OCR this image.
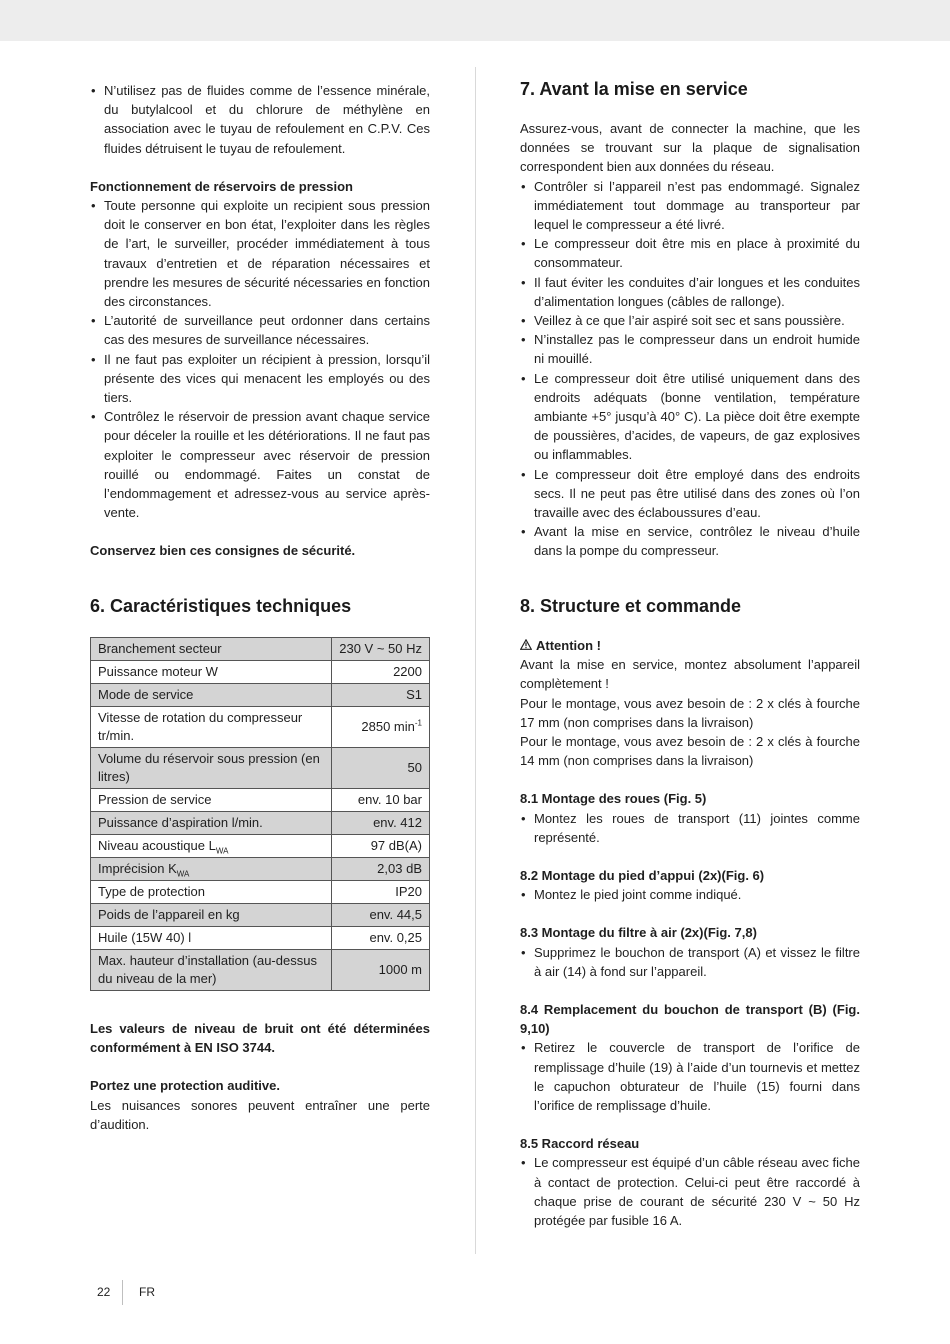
• N’utilisez pas de fluides comme de l’essence minérale, du butylalcool et du chlorure de méthylène en association avec le tuyau de refoulement en C.P.V. Ces fluides détruisent le tuyau de refoulement.

Fonctionnement de réservoirs de pression

• Toute personne qui exploite un recipient sous pression doit le conserver en bon état, l’exploiter dans les règles de l’art, le surveiller, procéder immédiatement à tous travaux d’entretien et de réparation nécessaires et prendre les mesures de sécurité nécessaries en fonction des circonstances.
• L’autorité de surveillance peut ordonner dans certains cas des mesures de surveillance nécessaires.
• Il ne faut pas exploiter un récipient à pression, lorsqu’il présente des vices qui menacent les employés ou des tiers.
• Contrôlez le réservoir de pression avant chaque service pour déceler la rouille et les détériorations. Il ne faut pas exploiter le compresseur avec réservoir de pression rouillé ou endommagé. Faites un constat de l’endommagement et adressez-vous au service après-vente.

Conservez bien ces consignes de sécurité.

6. Caractéristiques techniques
Branchement secteur	230 V ~ 50 Hz
Puissance moteur W	2200
Mode de service	S1
Vitesse de rotation du compresseur tr/min.	2850 $\min^{-1}$
Volume du réservoir sous pression (en litres)	50
Pression de service	env. 10 bar
Puissance d’aspiration l/min.	env. 412
Niveau acoustique $L_{WA}$	97 dB(A)
Imprécision $K_{WA}$	2,03 dB
Type de protection	IP20
Poids de l’appareil en kg	env. 44,5
Huile (15W 40) l	env. 0,25
Max. hauteur d’installation (au-dessus du niveau de la mer)	1000 m

Les valeurs de niveau de bruit ont été déterminées conformément à EN ISO 3744.

Portez une protection auditive.

Les nuisances sonores peuvent entraîner une perte d’audition.

7. Avant la mise en service

Assurez-vous, avant de connecter la machine, que les données se trouvant sur la plaque de signalisation correspondent bien aux données du réseau.

• Contrôler si l’appareil n’est pas endommagé. Signalez immédiatement tout dommage au transporteur par lequel le compresseur a été livré.
• Le compresseur doit être mis en place à proximité du consommateur.
• Il faut éviter les conduites d’air longues et les conduites d’alimentation longues (câbles de rallonge).
• Veillez à ce que l’air aspiré soit sec et sans poussière.
• N’installez pas le compresseur dans un endroit humide ni mouillé.
• Le compresseur doit être utilisé uniquement dans des endroits adéquats (bonne ventilation, température ambiante +5° jusqu’à 40° C). La pièce doit être exempte de poussières, d’acides, de vapeurs, de gaz explosives ou inflammables.
• Le compresseur doit être employé dans des endroits secs. Il ne peut pas être utilisé dans des zones où l’on travaille avec des éclaboussures d’eau.
• Avant la mise en service, contrôlez le niveau d’huile dans la pompe du compresseur.
8. Structure et commande

Attention !

Avant la mise en service, montez absolument l’appareil complètement !

Pour le montage, vous avez besoin de : 2 x clés à fourche 17 mm (non comprises dans la livraison)

Pour le montage, vous avez besoin de : 2 x clés à fourche 14 mm (non comprises dans la livraison)

8.1 Montage des roues (Fig. 5)

• Montez les roues de transport (11) jointes comme représenté.

8.2 Montage du pied d’appui (2x)(Fig. 6)

• Montez le pied joint comme indiqué.

8.3 Montage du filtre à air (2x)(Fig. 7,8)

• Supprimez le bouchon de transport (A) et vissez le filtre à air (14) à fond sur l’appareil.

8.4 Remplacement du bouchon de transport (B) (Fig. 9,10)

• Retirez le couvercle de transport de l’orifice de remplissage d’huile (19) à l’aide d’un tournevis et mettez le capuchon obturateur de l’huile (15) fourni dans l’orifice de remplissage d’huile.

8.5 Raccord réseau

• Le compresseur est équipé d’un câble réseau avec fiche à contact de protection. Celui-ci peut être raccordé à chaque prise de courant de sécurité 230 V ~ 50 Hz protégée par fusible 16 A.
22	FR
